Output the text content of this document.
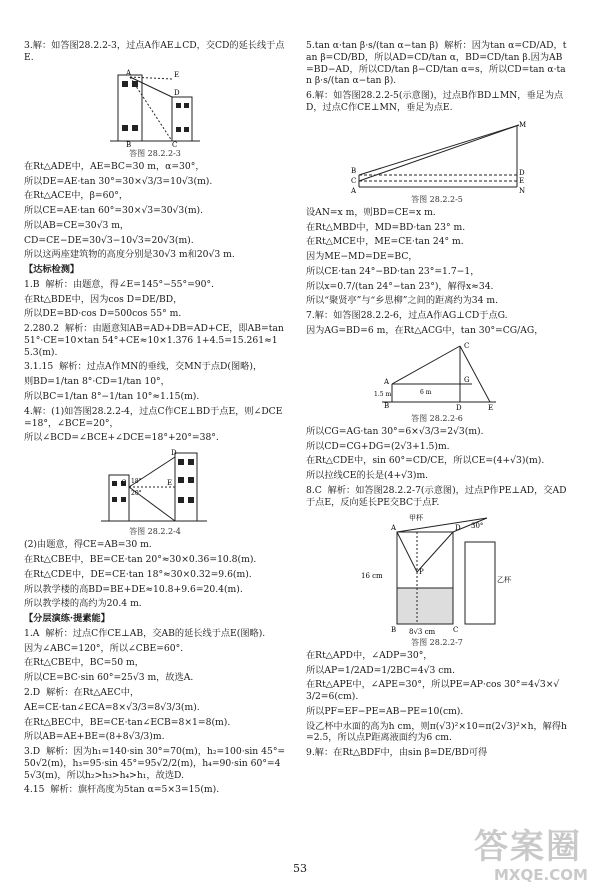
3.解：如答图28.2.2-3，过点A作AE⊥CD，交CD的延长线于点E.
A	E
D
B	C
答图 28.2.2-3
在Rt△ADE中，AE=BC=30 m，α=30°，
所以DE=AE·tan 30°=30×√3/3=10√3(m).
在Rt△ACE中，β=60°，
所以CE=AE·tan 60°=30×√3=30√3(m).
所以AB=CE=30√3 m，
CD=CE−DE=30√3−10√3=20√3(m).
所以这两座建筑物的高度分别是30√3 m和20√3 m.
【达标检测】
1.B  解析：由题意，得∠E=145°−55°=90°.
在Rt△BDE中，因为cos D=DE/BD，
所以DE=BD·cos D=500cos 55° m.
2.280.2  解析：由题意知AB=AD+DB=AD+CE，即AB=tan 51°·CE=10×tan 54°+CE≈10×1.376 1+4.5=15.261≈15.3(m).
3.1.15  解析：过点A作MN的垂线，交MN于点D(图略)，
则BD=1/tan 8°·CD=1/tan 10°，
所以BC=1/tan 8°−1/tan 10°≈1.15(m).
4.解：(1)如答图28.2.2-4，过点C作CE⊥BD于点E，则∠DCE=18°，∠BCE=20°，
所以∠BCD=∠BCE+∠DCE=18°+20°=38°.
C
D
E
18°
20°
答图 28.2.2-4
(2)由题意，得CE=AB=30 m.
在Rt△CBE中，BE=CE·tan 20°≈30×0.36=10.8(m).
在Rt△CDE中，DE=CE·tan 18°≈30×0.32=9.6(m).
所以教学楼的高BD=BE+DE≈10.8+9.6=20.4(m).
所以教学楼的高约为20.4 m.
【分层演练·提素能】
1.A  解析：过点C作CE⊥AB，交AB的延长线于点E(图略).
因为∠ABC=120°，所以∠CBE=60°.
在Rt△CBE中，BC=50 m，
所以CE=BC·sin 60°=25√3 m，故选A.
2.D  解析：在Rt△AEC中，
AE=CE·tan∠ECA=8×√3/3=8√3/3(m).
在Rt△BEC中，BE=CE·tan∠ECB=8×1=8(m).
所以AB=AE+BE=(8+8√3/3)m.
3.D  解析：因为h₁=140·sin 30°=70(m)，h₂=100·sin 45°=50√2(m)，h₃=95·sin 45°=95√2/2(m)，h₄=90·sin 60°=45√3(m)，所以h₂>h₃>h₄>h₁，故选D.
4.15  解析：旗杆高度为5tan α=5×3=15(m).
5.tan α·tan β·s/(tan α−tan β)  解析：因为tan α=CD/AD，tan β=CD/BD，所以AD=CD/tan α，BD=CD/tan β.因为AB=BD−AD，所以CD/tan β−CD/tan α=s，所以CD=tan α·tan β·s/(tan α−tan β).
6.解：如答图28.2.2-5(示意图)，过点B作BD⊥MN，垂足为点D，过点C作CE⊥MN，垂足为点E.
B
C
A
M
D
E
N
答图 28.2.2-5
设AN=x m，则BD=CE=x m.
在Rt△MBD中，MD=BD·tan 23° m.
在Rt△MCE中，ME=CE·tan 24° m.
因为ME−MD=DE=BC，
所以CE·tan 24°−BD·tan 23°=1.7−1，
所以x=0.7/(tan 24°−tan 23°)，解得x≈34.
所以“聚贤亭”与“乡思柳”之间的距离约为34 m.
7.解：如答图28.2.2-6，过点A作AG⊥CD于点G.
因为AG=BD=6 m，在Rt△ACG中，tan 30°=CG/AG，
C
A
B	D	E
G
1.5 m	6 m
答图 28.2.2-6
所以CG=AG·tan 30°=6×√3/3=2√3(m).
所以CD=CG+DG=(2√3+1.5)m.
在Rt△CDE中，sin 60°=CD/CE，所以CE=(4+√3)(m).
所以拉线CE的长是(4+√3)m.
8.C  解析：如答图28.2.2-7(示意图)，过点P作PE⊥AD，交AD于点E，反向延长PE交BC于点F.
甲杯
乙杯
A	D
B	C
P
16 cm
8√3 cm
30°
答图 28.2.2-7
在Rt△APD中，∠ADP=30°，
所以AP=1/2AD=1/2BC=4√3 cm.
在Rt△APE中，∠APE=30°，所以PE=AP·cos 30°=4√3×√3/2=6(cm).
所以PF=EF−PE=AB−PE=10(cm).
设乙杯中水面的高为h cm，则π(√3)²×10=π(2√3)²×h，解得h=2.5，所以点P距离液面约为6 cm.
9.解：在Rt△BDF中，由sin β=DE/BD可得
53
答案圈
MXQE.COM
